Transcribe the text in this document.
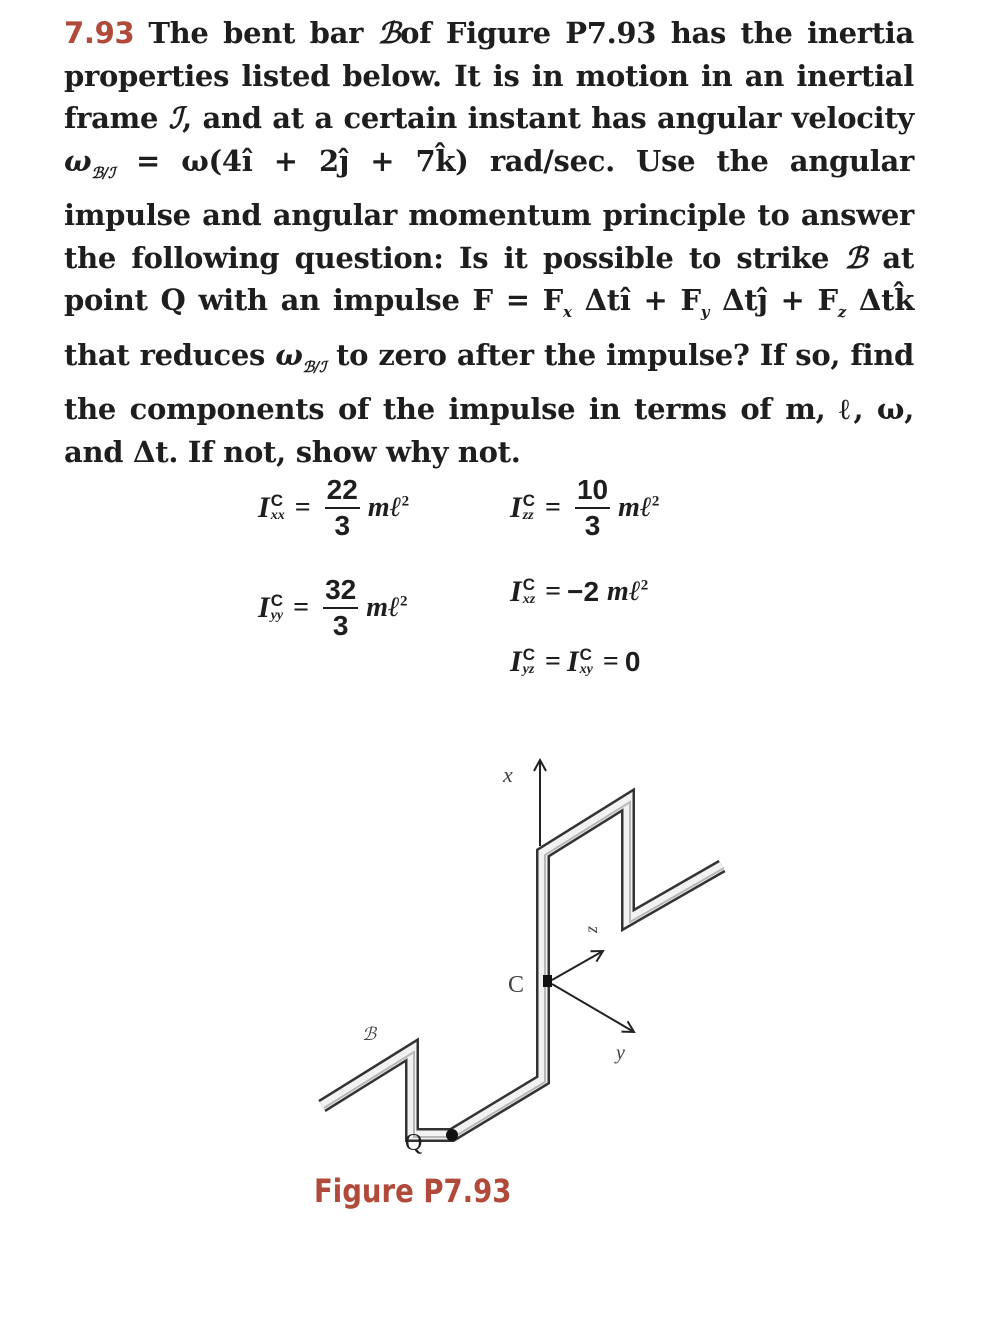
7.93 The bent bar ℬof Figure P7.93 has the inertia properties listed below. It is in motion in an inertial frame ℐ, and at a certain instant has angular velocity $\omega_{ℬ/ℐ}$ = ω(4î + 2ĵ + 7k̂) rad/sec. Use the angular impulse and angular momentum principle to answer the following question: Is it possible to strike ℬ at point Q with an impulse $F = F_x$ Δtî + $F_y$ Δtĵ + $F_z$ Δtk̂ that reduces $\omega_{ℬ/ℐ}$ to zero after the impulse? If so, find the components of the impulse in terms of m, ℓ, ω, and Δt. If not, show why not.
I C
xx = $\frac{22}{3}$ mℓ$^2$	I C
zz = $\frac{10}{3}$ mℓ$^2$
I C
yy = $\frac{32}{3}$ mℓ$^2$	I C
xz = −2 mℓ$^2$
I C
yz = I C
xy = 0
x
C
z
y
ℬ
Q
Figure P7.93
